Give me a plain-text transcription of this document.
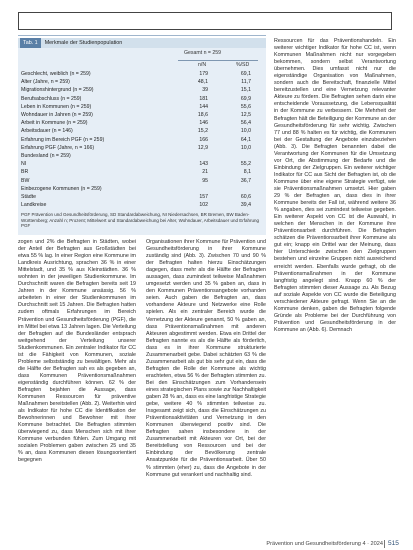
Tab. 1 Merkmale der Studienpopulation
Gesamt n = 259
n/N	%/SD
Geschlecht, weiblich (n = 259)	179	69,1
Alter (Jahre, n = 259)	48,1	11,7
Migrationshintergrund (n = 259)	39	15,1
Berufsabschluss (n = 259)	181	69,9
Leben in Kommunen (n = 259)	144	55,6
Wohndauer in Jahren (n = 259)	18,6	12,5
Arbeit in Kommune (n = 259)	146	56,4
Arbeitsdauer (n = 146)	15,2	10,0
Erfahrung im Bereich PGF (n = 259)	166	64,1
Erfahrung PGF (Jahre, n = 166)	12,9	10,0
Bundesland (n = 259)
NI	143	55,2
BR	21	8,1
BW	95	36,7
Einbezogene Kommunen (n = 259)
Städte	157	60,6
Landkreise	102	39,4
PGF Prävention und Gesundheitsförderung, SD Standardabweichung, NI Niedersachsen, BR Bremen, BW Baden-Württemberg; Anzahl n; Prozent; Mittelwert und Standardabweichung bei Alter, Wohndauer, Arbeitsdauer und Erfahrung PGF

Ressourcen für das Präventionshandeln. Ein weiterer wichtiger Indikator für hohe CC ist, wenn Kommunen Maßnahmen nicht nur vorgegeben bekommen, sondern selbst Verantwortung übernehmen. Dies umfasst nicht nur die eigenständige Organisation von Maßnahmen, sondern auch die Bereitschaft, finanzielle Mittel bereitzustellen und eine Vernetzung relevanter Akteure zu fördern. Die Befragten sehen darin eine entscheidende Voraussetzung, die Lebensqualität in der Kommune zu verbessern. Die Mehrheit der Befragten hält die Beteiligung der Kommune an der Gesundheitsförderung für sehr wichtig. Zwischen 77 und 88 % halten es für wichtig, die Kommunen bei der Gestaltung der Angebote einzubeziehen (Abb. 3). Die Befragten benannten dabei die Verantwortung der Kommunen für die Umsetzung vor Ort, die Abstimmung der Bedarfe und die Einbindung der Zielgruppen. Ein weiterer wichtiger Indikator für CC aus Sicht der Befragten ist, ob die Kommune über eine eigene Strategie verfügt, wie sie Präventionsmaßnahmen umsetzt. Hier gaben 29 % der Befragten an, dass dies in ihrer Kommune bereits der Fall ist, während weitere 36 % angaben, dies sei zumindest teilweise gegeben. Ein weiterer Aspekt von CC ist die Auswahl, in welchen der Menschen in der Kommune ihre Präventionsarbeit durchführen. Die Befragten schätzen die Präventionsarbeit ihrer Kommune als gut ein; knapp ein Drittel war der Meinung, dass hier Unterschiede zwischen den Zielgruppen bestehen und einzelne Gruppen nicht ausreichend erreicht werden. Ebenfalls wurde gefragt, ob die Präventionsmaßnahmen in der Kommune langfristig angelegt sind. Knapp 60 % der Befragten stimmten dieser Aussage zu. Als Bezug auf soziale Aspekte von CC wurde die Beteiligung verschiedener Akteure gefragt. Wenn Sie an die Kommune denken, gaben die Befragten folgende Gründe als Probleme bei der Durchführung von Prävention und Gesundheitsförderung in der Kommune an (Abb. 6). Demnach

zogen und 2% die Befragten in Städten, wobei der Anteil der Befragten aus Großstädten bei etwa 55 % lag. In einer Region eine Kommune im Landkreis Ausrichtung, sprachen 36 % in einer Mittelstadt, und 35 % aus Kleinstädten. 36 % wohnten in der jeweiligen Studienkommune. Im Durchschnitt waren die Befragten bereits seit 19 Jahren in der Kommune ansässig. 56 % arbeiteten in einer der Studienkommunen im Durchschnitt seit 15 Jahren. Die Befragten hatten zudem oftmals Erfahrungen im Bereich Prävention und Gesundheitsförderung (PGF), die im Mittel bei etwa 13 Jahren lagen. Die Verteilung der Befragten auf die Bundesländer entsprach weitgehend der Verteilung unserer Studienkommunen. Ein zentraler Indikator für CC ist die Fähigkeit von Kommunen, soziale Probleme selbstständig zu bewältigen. Mehr als die Hälfte der Befragten sah es als gegeben an, dass Kommunen Präventionsmaßnahmen eigenständig durchführen können. 62 % der Befragten bejahten die Aussage, dass Kommunen Ressourcen für präventive Maßnahmen bereitstellen (Abb. 2). Weiterhin wird als Indikator für hohe CC die Identifikation der Bewohnerinnen und Bewohner mit ihrer Kommune betrachtet. Die Befragten stimmten überwiegend zu, dass Menschen sich mit ihrer Kommune verbunden fühlen. Zum Umgang mit sozialen Problemen gaben zwischen 25 und 35 % an, dass Kommunen diesen lösungsorientiert begegnen

Organisationen ihrer Kommune für Prävention und Gesundheitsförderung in ihrer Kommune zuständig sind (Abb. 3). Zwischen 70 und 90 % der Befragten halten hierzu Einschätzungen dagegen, dass mehr als die Hälfte der Befragten aussagen, dass zumindest teilweise Maßnahmen umgesetzt werden und 35 % gaben an, dass in den Kommunen Präventionsangebote vorhanden seien. Auch gaben die Befragten an, dass vorhandene Akteure und Netzwerke eine Rolle spielen. Als ein zentraler Bereich wurde die Vernetzung der Akteure genannt, 50 % gaben an, dass Präventionsmaßnahmen mit anderen Akteuren abgestimmt werden. Etwa ein Drittel der Befragten nannte es als die Hälfte als förderlich, dass es in ihrer Kommune strukturierte Zusammenarbeit gebe. Dabei schätzten 63 % die Zusammenarbeit als gut bis sehr gut ein, dass die Befragten die Rolle der Kommune als wichtig erachteten, etwa 56 % der Befragten stimmten zu. Bei den Einschätzungen zum Vorhandensein eines strategischen Plans sowie zur Nachhaltigkeit gaben 28 % an, dass es eine langfristige Strategie gebe, weitere 40 % stimmten teilweise zu. Insgesamt zeigt sich, dass die Einschätzungen zu Präventionsaktivitäten und Vernetzung in den Kommunen überwiegend positiv sind. Die Befragten sahen insbesondere in der Zusammenarbeit mit Akteuren vor Ort, bei der Bereitstellung von Ressourcen und bei der Einbindung der Bevölkerung zentrale Ansatzpunkte für die Präventionsarbeit. Über 50 % stimmten (eher) zu, dass die Angebote in der Kommune gut verankert und nachhaltig sind.

Prävention und Gesundheitsförderung 4 · 2024 515
